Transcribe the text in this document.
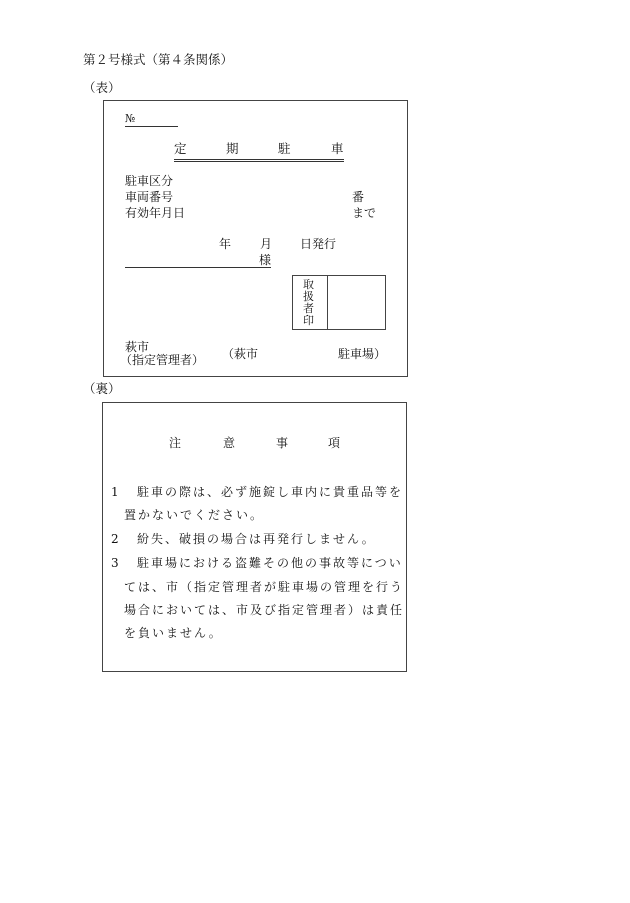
第２号様式（第４条関係）
（表）
№
定	期	駐	車
駐車区分
車両番号	番
有効年月日	まで
年 月 日発行
様
取
扱
者
印
萩市
（指定管理者） （萩市	駐車場）
（裏）
注	意	事	項
1 駐車の際は、必ず施錠し車内に貴重品等を
置かないでください。
2 紛失、破損の場合は再発行しません。
3 駐車場における盗難その他の事故等につい
ては、市（指定管理者が駐車場の管理を行う
場合においては、市及び指定管理者）は責任
を負いません。
